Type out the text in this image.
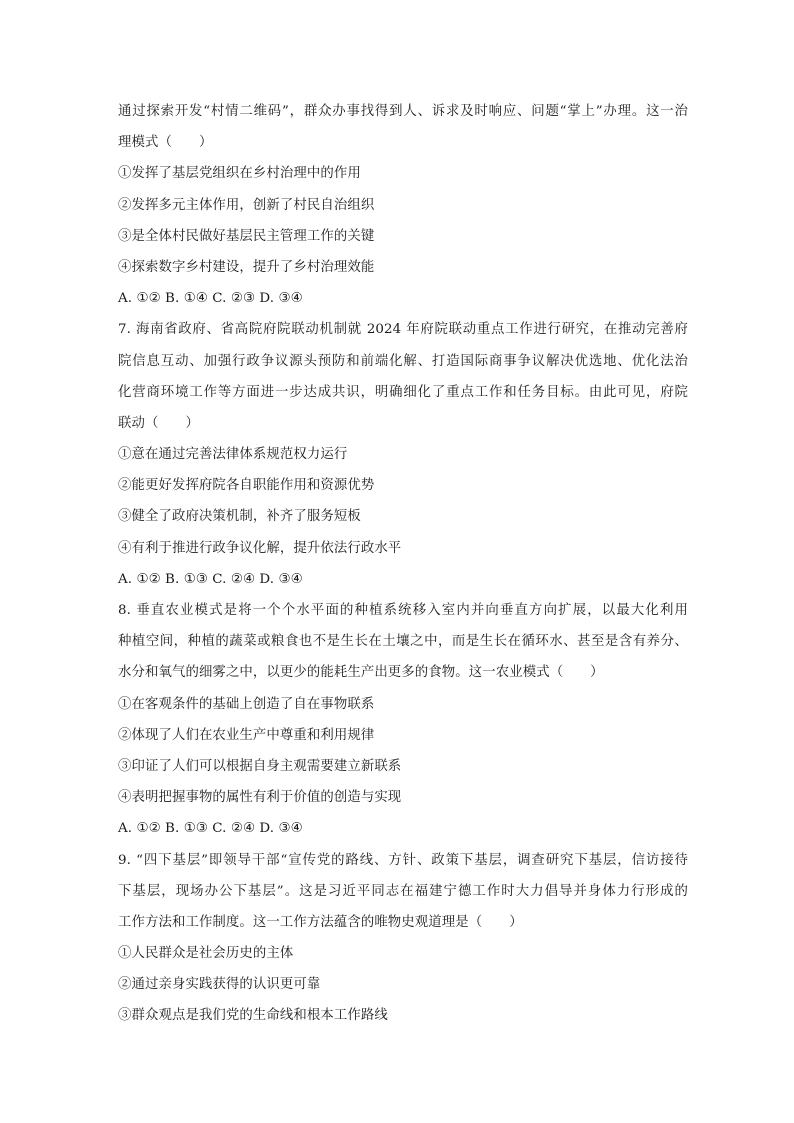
通过探索开发“村情二维码”，群众办事找得到人、诉求及时响应、问题“掌上”办理。这一治
理模式（　　）
①发挥了基层党组织在乡村治理中的作用
②发挥多元主体作用，创新了村民自治组织
③是全体村民做好基层民主管理工作的关键
④探索数字乡村建设，提升了乡村治理效能
A. ①② B. ①④ C. ②③ D. ③④
7. 海南省政府、省高院府院联动机制就 2024 年府院联动重点工作进行研究，在推动完善府
院信息互动、加强行政争议源头预防和前端化解、打造国际商事争议解决优选地、优化法治
化营商环境工作等方面进一步达成共识，明确细化了重点工作和任务目标。由此可见，府院
联动（　　）
①意在通过完善法律体系规范权力运行
②能更好发挥府院各自职能作用和资源优势
③健全了政府决策机制，补齐了服务短板
④有利于推进行政争议化解，提升依法行政水平
A. ①② B. ①③ C. ②④ D. ③④
8. 垂直农业模式是将一个个水平面的种植系统移入室内并向垂直方向扩展，以最大化利用
种植空间，种植的蔬菜或粮食也不是生长在土壤之中，而是生长在循环水、甚至是含有养分、
水分和氧气的细雾之中，以更少的能耗生产出更多的食物。这一农业模式（　　）
①在客观条件的基础上创造了自在事物联系
②体现了人们在农业生产中尊重和利用规律
③印证了人们可以根据自身主观需要建立新联系
④表明把握事物的属性有利于价值的创造与实现
A. ①② B. ①③ C. ②④ D. ③④
9. “四下基层”即领导干部“宣传党的路线、方针、政策下基层，调查研究下基层，信访接待
下基层，现场办公下基层”。这是习近平同志在福建宁德工作时大力倡导并身体力行形成的
工作方法和工作制度。这一工作方法蕴含的唯物史观道理是（　　）
①人民群众是社会历史的主体
②通过亲身实践获得的认识更可靠
③群众观点是我们党的生命线和根本工作路线
